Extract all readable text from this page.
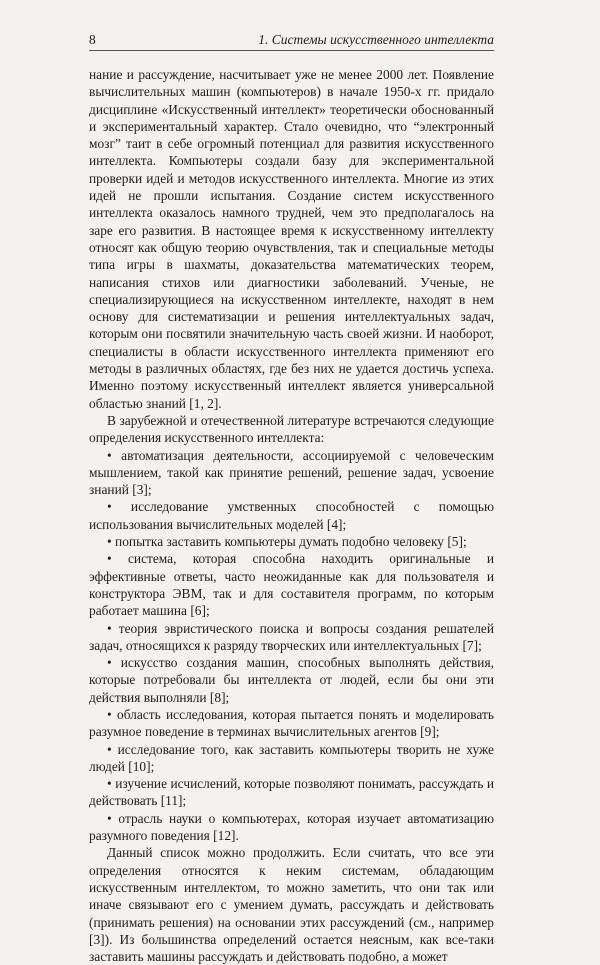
8	1. Системы искусственного интеллекта

нание и рассуждение, насчитывает уже не менее 2000 лет. Появление вычислительных машин (компьютеров) в начале 1950-х гг. придало дисциплине «Искусственный интеллект» теоретически обоснованный и экспериментальный характер. Стало очевидно, что “электронный мозг” таит в себе огромный потенциал для развития искусственного интеллекта. Компьютеры создали базу для экспериментальной проверки идей и методов искусственного интеллекта. Многие из этих идей не прошли испытания. Создание систем искусственного интеллекта оказалось намного трудней, чем это предполагалось на заре его развития. В настоящее время к искусственному интеллекту относят как общую теорию очувствления, так и специальные методы типа игры в шахматы, доказательства математических теорем, написания стихов или диагностики заболеваний. Ученые, не специализирующиеся на искусственном интеллекте, находят в нем основу для систематизации и решения интеллектуальных задач, которым они посвятили значительную часть своей жизни. И наоборот, специалисты в области искусственного интеллекта применяют его методы в различных областях, где без них не удается достичь успеха. Именно поэтому искусственный интеллект является универсальной областью знаний [1, 2].

В зарубежной и отечественной литературе встречаются следующие определения искусственного интеллекта:

• автоматизация деятельности, ассоциируемой с человеческим мышлением, такой как принятие решений, решение задач, усвоение знаний [3];
• исследование умственных способностей с помощью использования вычислительных моделей [4];
• попытка заставить компьютеры думать подобно человеку [5];
• система, которая способна находить оригинальные и эффективные ответы, часто неожиданные как для пользователя и конструктора ЭВМ, так и для составителя программ, по которым работает машина [6];
• теория эвристического поиска и вопросы создания решателей задач, относящихся к разряду творческих или интеллектуальных [7];
• искусство создания машин, способных выполнять действия, которые потребовали бы интеллекта от людей, если бы они эти действия выполняли [8];
• область исследования, которая пытается понять и моделировать разумное поведение в терминах вычислительных агентов [9];
• исследование того, как заставить компьютеры творить не хуже людей [10];
• изучение исчислений, которые позволяют понимать, рассуждать и действовать [11];
• отрасль науки о компьютерах, которая изучает автоматизацию разумного поведения [12].

Данный список можно продолжить. Если считать, что все эти определения относятся к неким системам, обладающим искусственным интеллектом, то можно заметить, что они так или иначе связывают его с умением думать, рассуждать и действовать (принимать решения) на основании этих рассуждений (см., например [3]). Из большинства определений остается неясным, как все-таки заставить машины рассуждать и действовать подобно, а может
